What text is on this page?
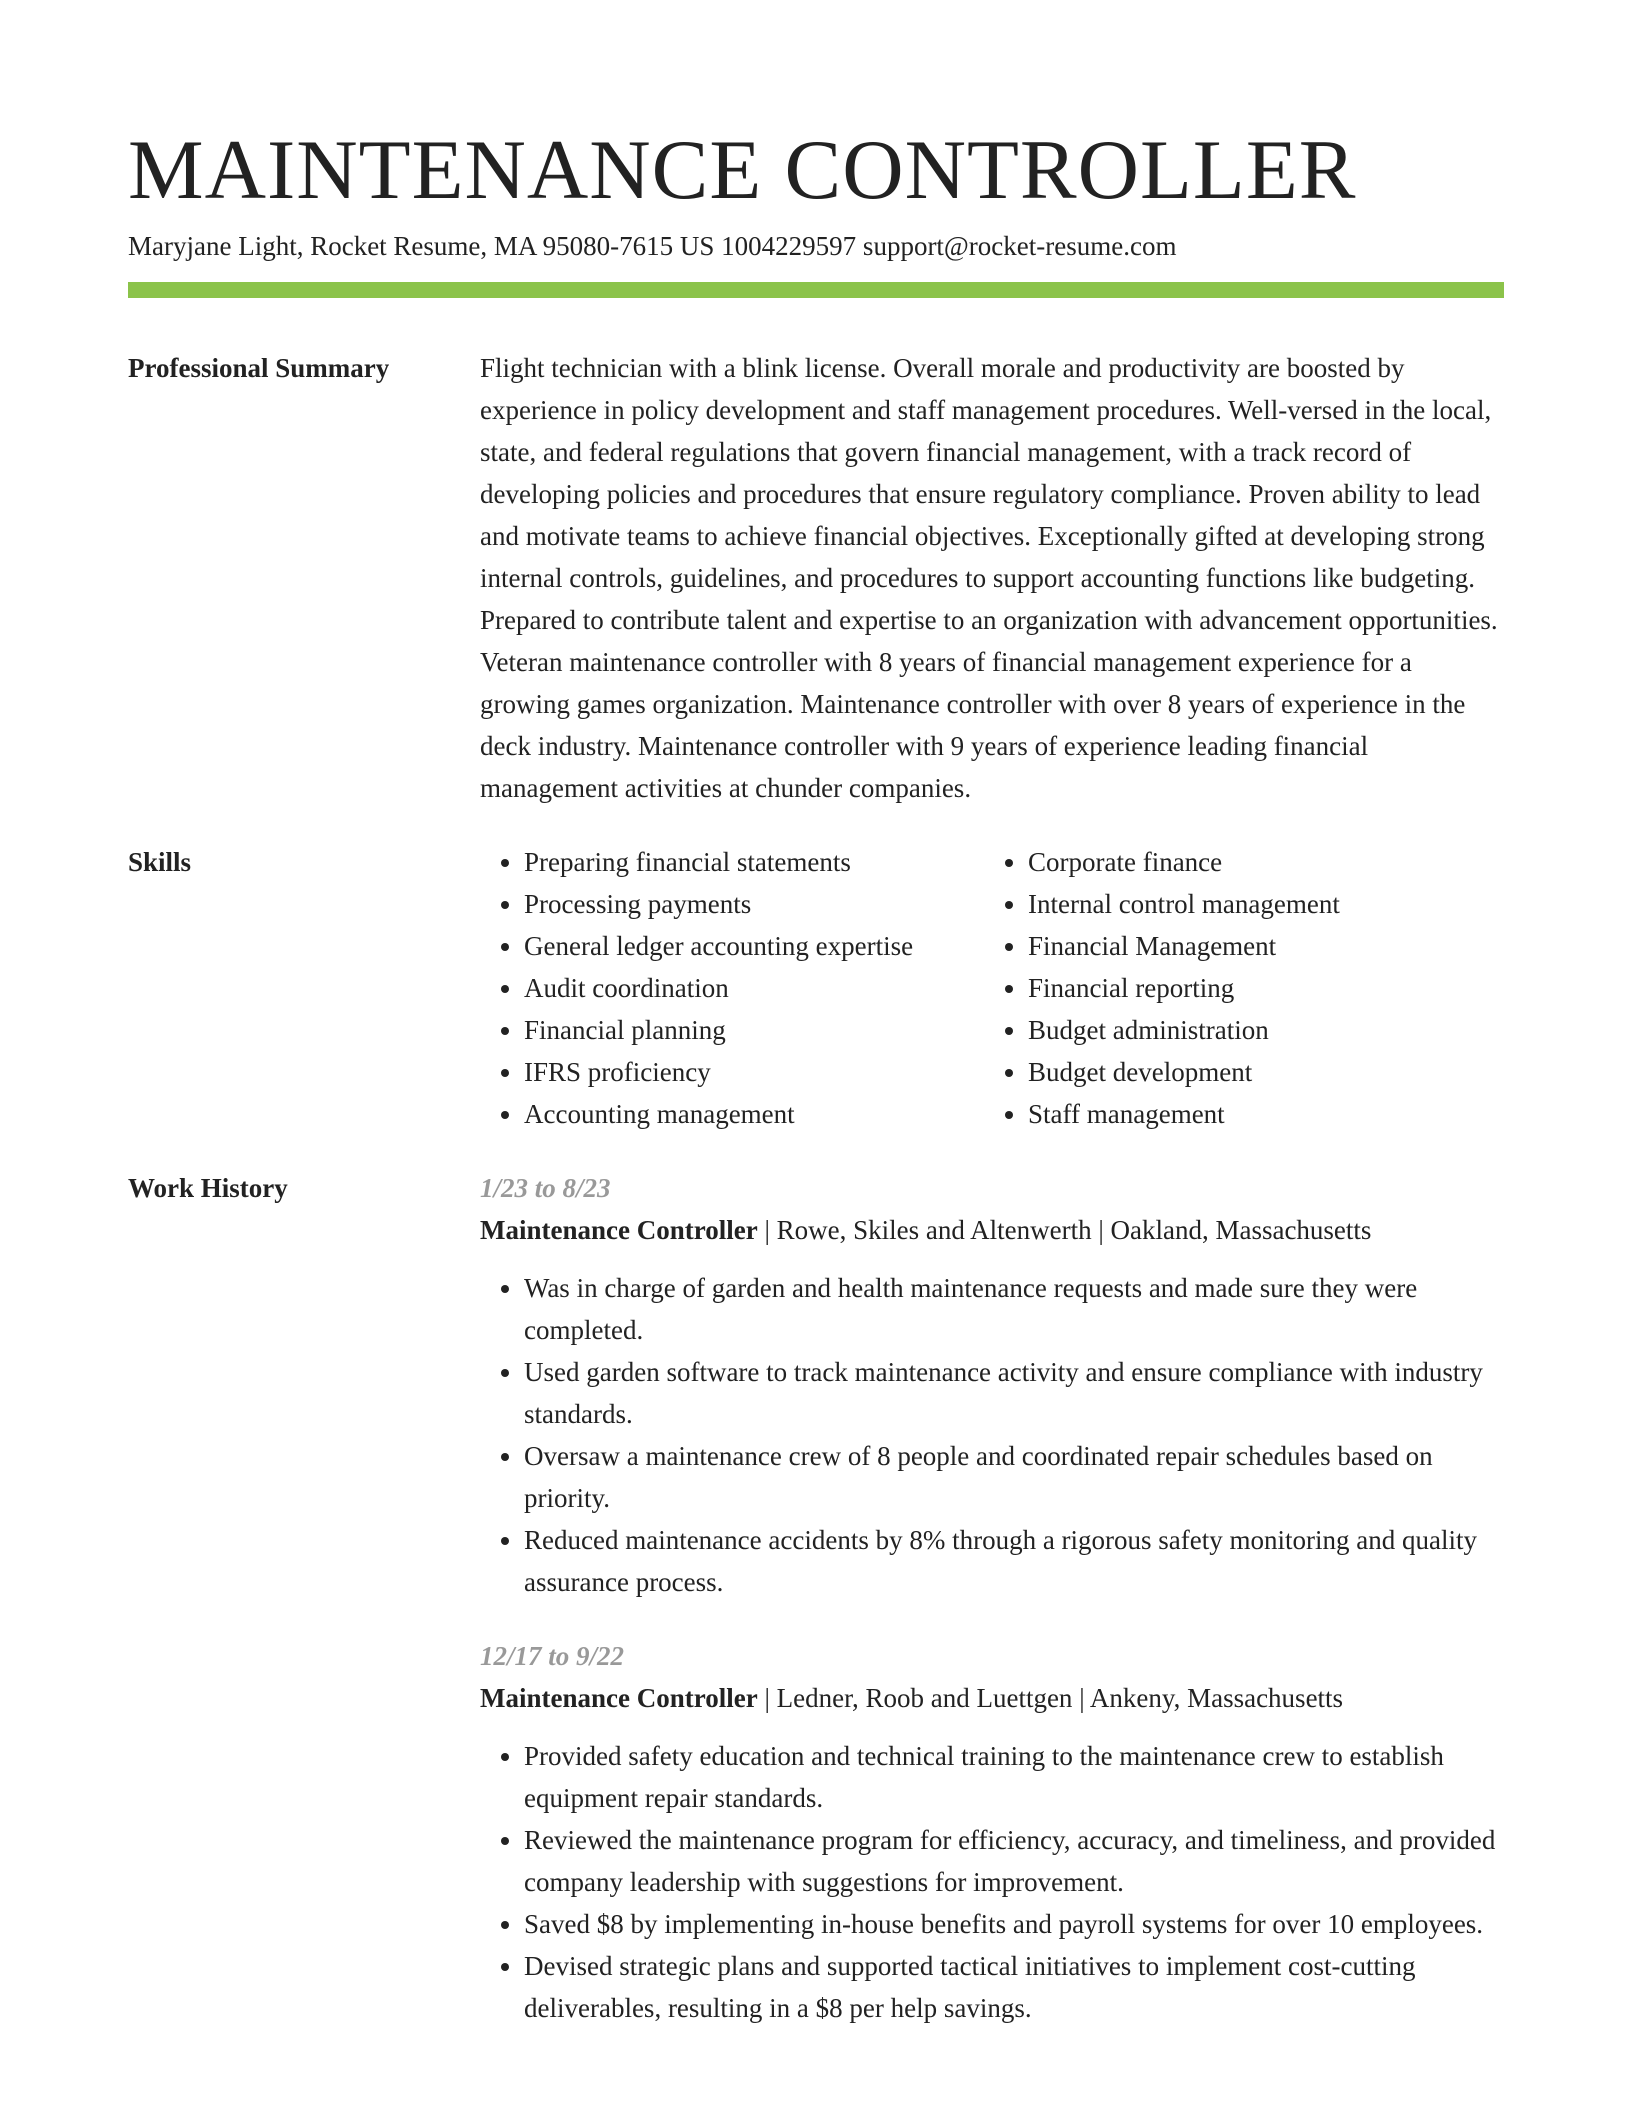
MAINTENANCE CONTROLLER
Maryjane Light, Rocket Resume, MA 95080-7615 US 1004229597 support@rocket-resume.com
Professional Summary	Flight technician with a blink license. Overall morale and productivity are boosted by experience in policy development and staff management procedures. Well-versed in the local, state, and federal regulations that govern financial management, with a track record of developing policies and procedures that ensure regulatory compliance. Proven ability to lead and motivate teams to achieve financial objectives. Exceptionally gifted at developing strong internal controls, guidelines, and procedures to support accounting functions like budgeting. Prepared to contribute talent and expertise to an organization with advancement opportunities. Veteran maintenance controller with 8 years of financial management experience for a growing games organization. Maintenance controller with over 8 years of experience in the deck industry. Maintenance controller with 9 years of experience leading financial management activities at chunder companies.

Skills
•	Preparing financial statements
• Processing payments
• General ledger accounting expertise
• Audit coordination
• Financial planning
• IFRS proficiency
• Accounting management
• Corporate finance
• Internal control management
• Financial Management
• Financial reporting
• Budget administration
• Budget development
• Staff management
Work History	1/23 to 8/23
Maintenance Controller | Rowe, Skiles and Altenwerth | Oakland, Massachusetts
• Was in charge of garden and health maintenance requests and made sure they were completed.
• Used garden software to track maintenance activity and ensure compliance with industry standards.
• Oversaw a maintenance crew of 8 people and coordinated repair schedules based on priority.
• Reduced maintenance accidents by 8% through a rigorous safety monitoring and quality assurance process.
12/17 to 9/22
Maintenance Controller | Ledner, Roob and Luettgen | Ankeny, Massachusetts
• Provided safety education and technical training to the maintenance crew to establish equipment repair standards.
• Reviewed the maintenance program for efficiency, accuracy, and timeliness, and provided company leadership with suggestions for improvement.
• Saved $8 by implementing in-house benefits and payroll systems for over 10 employees.
• Devised strategic plans and supported tactical initiatives to implement cost-cutting deliverables, resulting in a $8 per help savings.
